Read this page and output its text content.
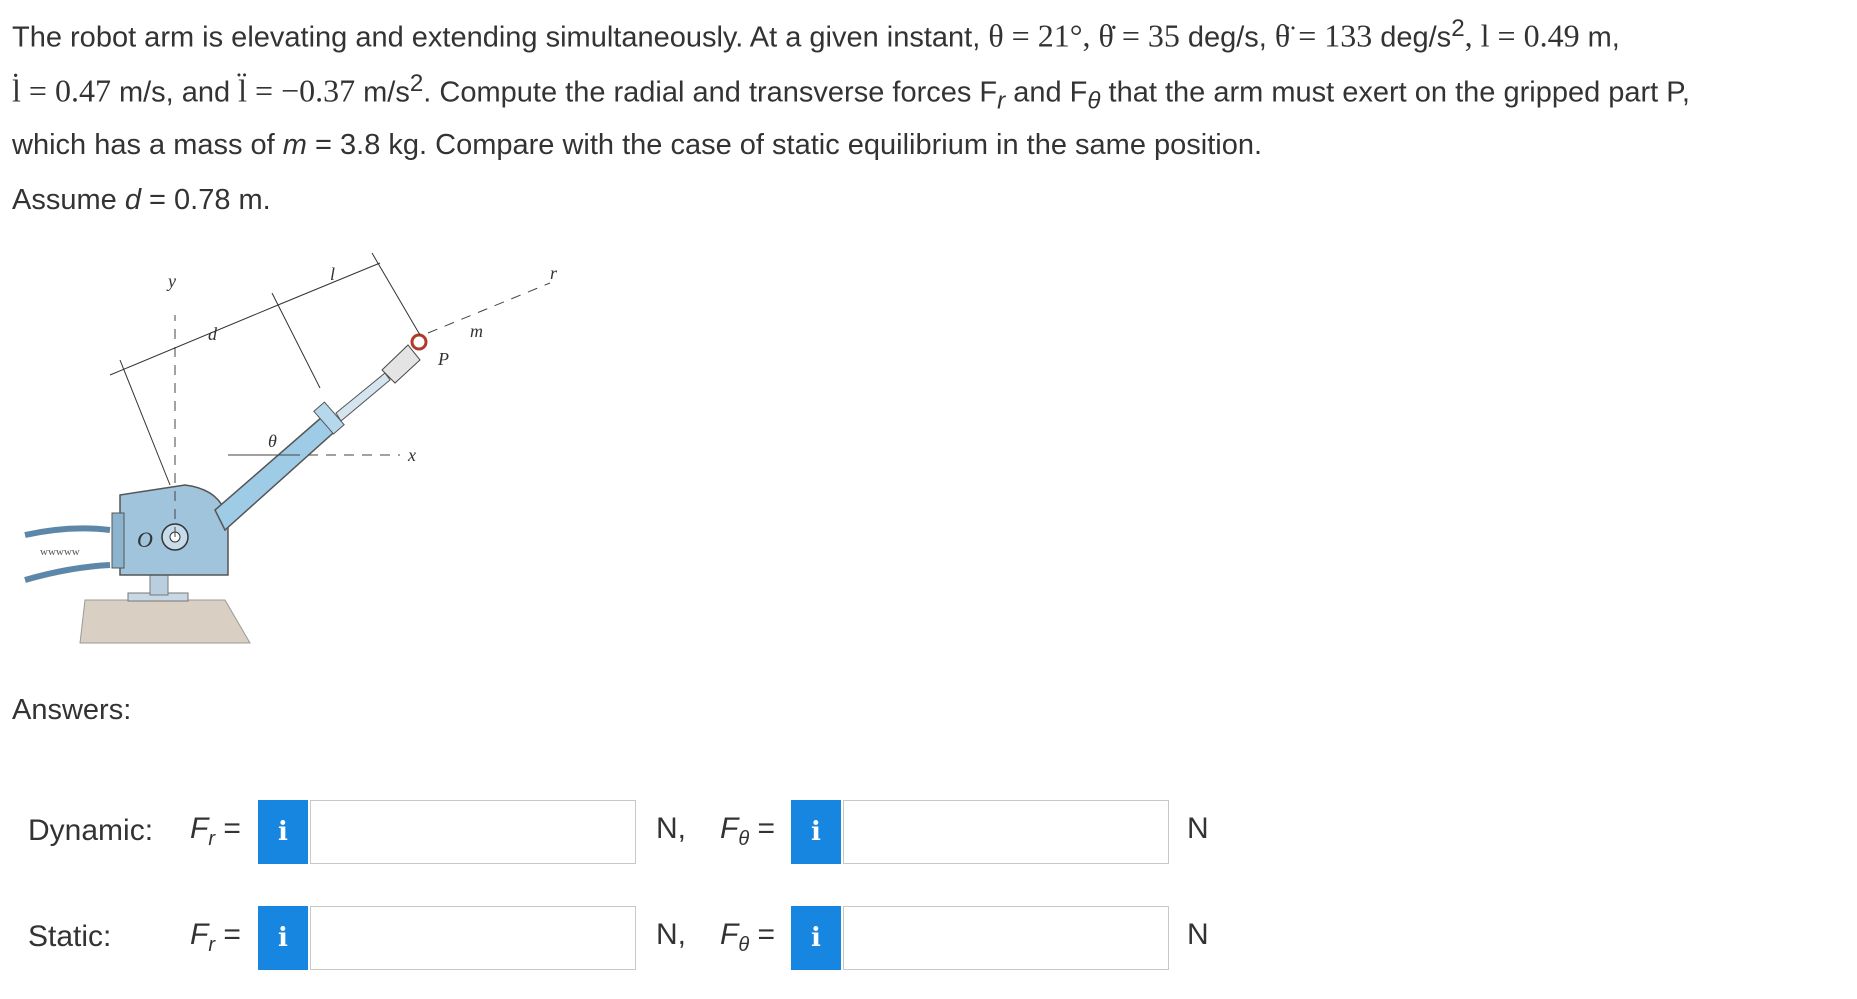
The robot arm is elevating and extending simultaneously. At a given instant, θ = 21°, θ̇ = 35 deg/s, θ̈ = 133 deg/$s^2$, l = 0.49 m,
l̇ = 0.47 m/s, and l̈ = −0.37 $m/s^2$. Compute the radial and transverse forces $F_r$ and $F_\theta$ that the arm must exert on the gripped part P,
which has a mass of m = 3.8 kg. Compare with the case of static equilibrium in the same position.
Assume d = 0.78 m.
wwwww
y
d
l	r
m
P
O
θ
x
Answers:
Dynamic: $F_r$ =	i	N, $F_\theta$ =	i	N
Static:	$F_r$ =	i	N, $F_\theta$ =	i	N
